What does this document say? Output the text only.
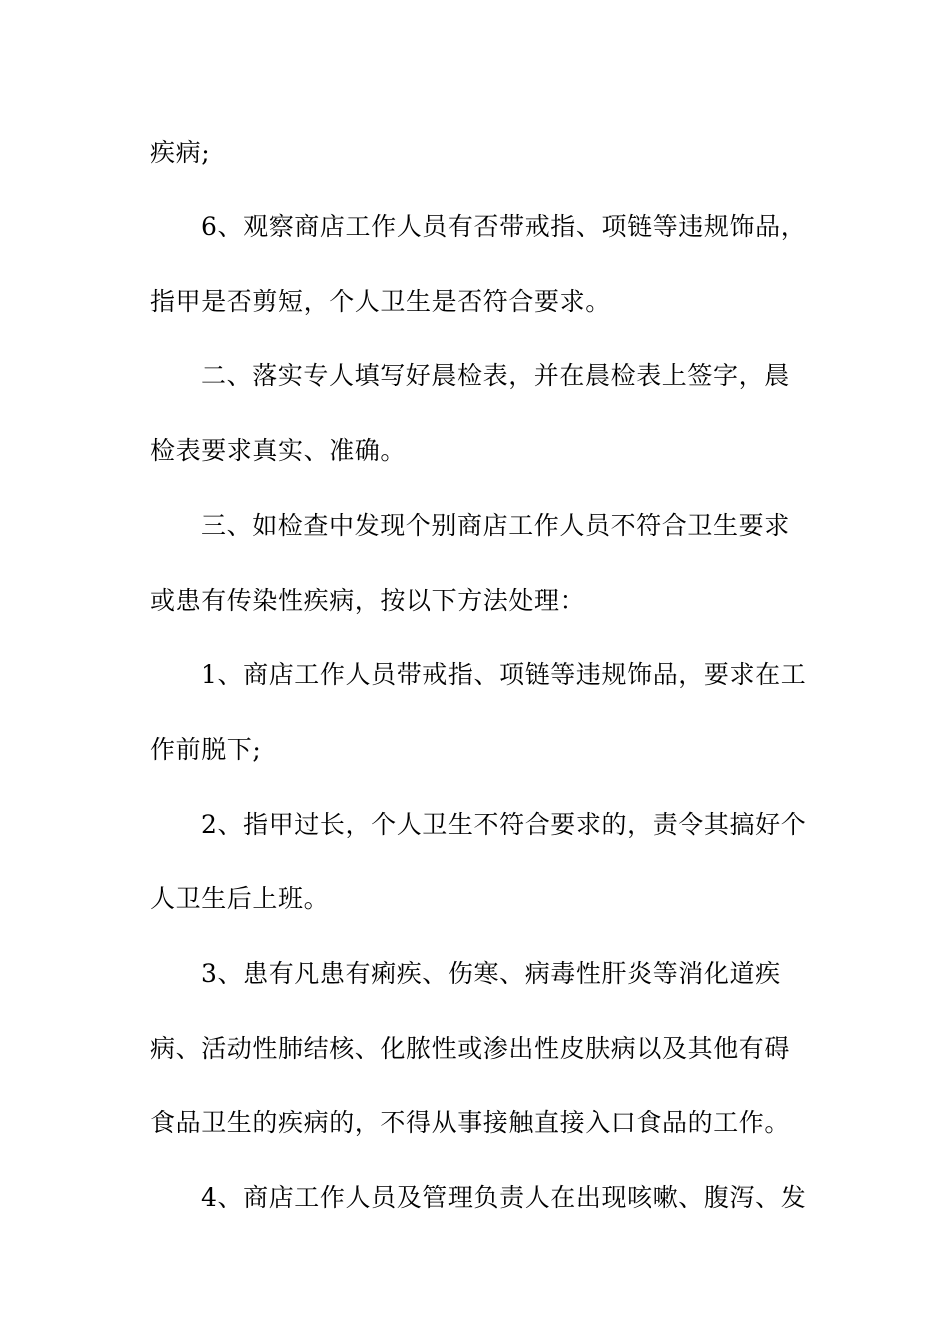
疾病;
6、观察商店工作人员有否带戒指、项链等违规饰品，
指甲是否剪短，个人卫生是否符合要求。
二、落实专人填写好晨检表，并在晨检表上签字，晨
检表要求真实、准确。
三、如检查中发现个别商店工作人员不符合卫生要求
或患有传染性疾病，按以下方法处理：
1、商店工作人员带戒指、项链等违规饰品，要求在工
作前脱下;
2、指甲过长，个人卫生不符合要求的，责令其搞好个
人卫生后上班。
3、患有凡患有痢疾、伤寒、病毒性肝炎等消化道疾
病、活动性肺结核、化脓性或渗出性皮肤病以及其他有碍
食品卫生的疾病的，不得从事接触直接入口食品的工作。
4、商店工作人员及管理负责人在出现咳嗽、腹泻、发
